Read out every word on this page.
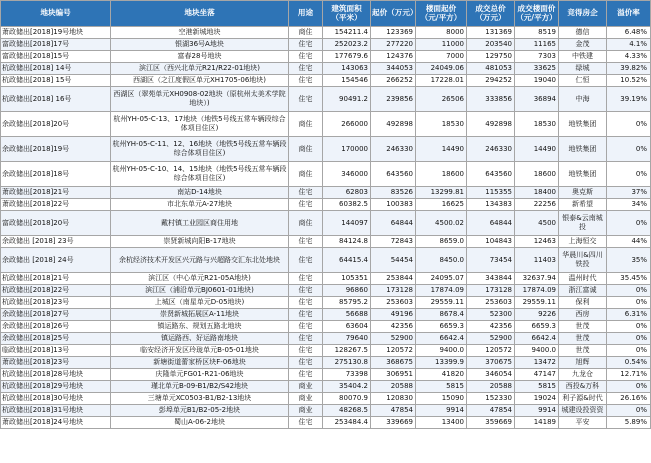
地块编号	地块坐落	用途	建筑面积（平米）	起价（万元）	楼面起价（元/平方）	成交总价（万元）	成交楼面价（元/平方）	竞得房企	溢价率
萧政储出[2018]19号地块	空港新城地块	商住	154211.4	123369	8000	131369	8519	德信	6.48%
富政储出[2018]17号	银湖36号A地块	住宅	252023.2	277220	11000	203540	11165	金茂	4.1%
富政储出[2018]15号	富春28号地块	住宅	177679.6	124376	7000	129750	7303	中铁建	4.33%
杭政储出[2018] 14号	滨江区（西兴北单元R21/R22-01地块)	住宅	143063	344053	24049.06	481053	33625	绿城	39.82%
杭政储出[2018] 15号	西湖区（之江度假区单元XH1705-06地块)	住宅	154546	266252	17228.01	294252	19040	仁恒	10.52%
杭政储出[2018] 16号	西湖区（翠苑单元XH0908-02地块（原杭州太美术学院地块）)	住宅	90491.2	239856	26506	333856	36894	中海	39.19%
余政储出[2018]20号	杭州YH-05-C-13、17地块（地铁5号线五常车辆段综合体项目住区)	商住	266000	492898	18530	492898	18530	地铁集团	0%
余政储出[2018]19号	杭州YH-05-C-11、12、16地块（地铁5号线五常车辆段综合体项目住区)	商住	170000	246330	14490	246330	14490	地铁集团	0%
余政储出[2018]18号	杭州YH-05-C-10、14、15地块（地铁5号线五常车辆段综合体项目住区)	商住	346000	643560	18600	643560	18600	地铁集团	0%
萧政储出[2018]21号	南站D-14地块	住宅	62803	83526	13299.81	115355	18400	奥克斯	37%
萧政储出[2018]22号	市北东单元A-27地块	住宅	60382.5	100383	16625	134383	22256	新希望	34%
富政储出[2018]20号	戴村镇工业园区商住用地	商住	144097	64844	4500.02	64844	4500	银泰&云南城投	0%
余政储出 [2018] 23号	崇贤新城向阳B-17地块	住宅	84124.8	72843	8659.0	104843	12463	上海恒交	44%
余政储出 [2018] 24号	余杭经济技术开发区兴元路与兴超路交汇东北处地块	住宅	64415.4	54454	8450.0	73454	11403	华晨川&四川铁投	35%
杭政储出[2018]21号	滨江区（中心单元R21-05A地块)	住宅	105351	253844	24095.07	343844	32637.94	温州时代	35.45%
杭政储出[2018]22号	滨江区（浦沿单元BJ0601-01地块)	住宅	96860	173128	17874.09	173128	17874.09	浙江富诚	0%
杭政储出[2018]23号	上城区（南星单元D-05地块)	住宅	85795.2	253603	29559.11	253603	29559.11	保利	0%
余政储出[2018]27号	崇贤新城拓展区A-11地块	住宅	56688	49196	8678.4	52300	9226	西房	6.31%
余政储出[2018]26号	镇运路东、规划五路北地块	住宅	63604	42356	6659.3	42356	6659.3	世茂	0%
余政储出[2018]25号	镇运路西、好运路南地块	住宅	79640	52900	6642.4	52900	6642.4	世茂	0%
临政储出[2018]13号	临安经济开发区玲珑单元B-05-01地块	住宅	128267.5	120572	9400.0	120572	9400.0	世茂	0%
萧政储出[2018]23号	新塘街道蕾家桥区块F-06地块	住宅	275130.8	368675	13399.9	370675	13472	旭辉	0.54%
杭政储出[2018]28号地块	庆隆单元FG01-R21-06地块	住宅	73398	306951	41820	346054	47147	九龙仓	12.71%
杭政储出[2018]29号地块	瑾北单元B-09-B1/B2/S42地块	商业	35404.2	20588	5815	20588	5815	西投&万科	0%
杭政储出[2018]30号地块	三塘单元XC0503-B1/B2-13地块	商业	80070.9	120830	15090	152330	19024	利子源&时代	26.16%
杭政储出[2018]31号地块	彭埠单元B1/B2-05-2地块	商业	48268.5	47854	9914	47854	9914	城建设投资资	0%
萧政储出[2018]24号地块	蜀山A-06-2地块	住宅	253484.4	339669	13400	359669	14189	平安	5.89%
